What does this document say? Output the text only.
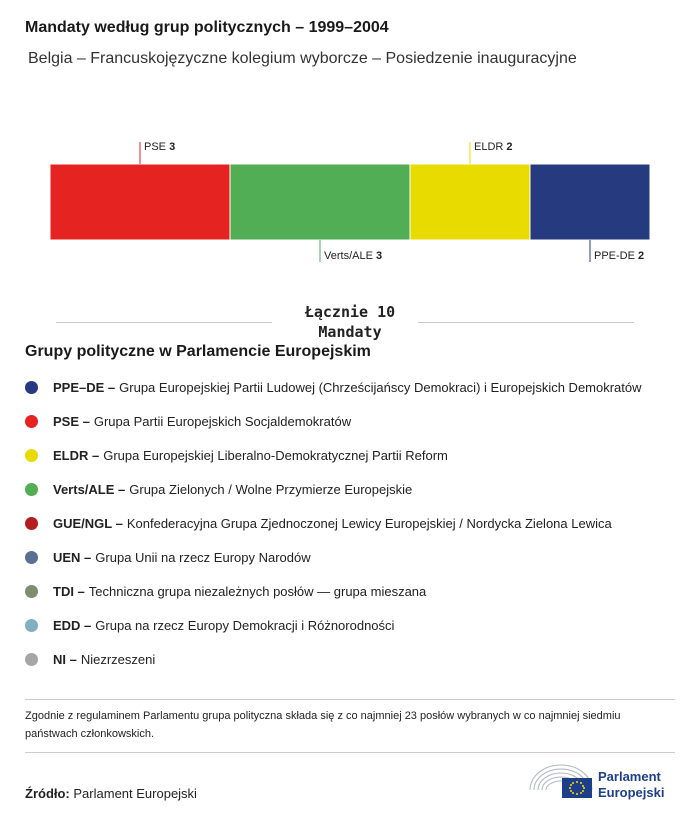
Mandaty według grup politycznych – 1999–2004
Belgia – Francuskojęzyczne kolegium wyborcze – Posiedzenie inauguracyjne
PSE 3
Verts/ALE 3
ELDR 2
PPE-DE 2
Łącznie 10
Mandaty
Grupy polityczne w Parlamencie Europejskim
PPE–DE – Grupa Europejskiej Partii Ludowej (Chrześcijańscy Demokraci) i Europejskich Demokratów
PSE – Grupa Partii Europejskich Socjaldemokratów
ELDR – Grupa Europejskiej Liberalno-Demokratycznej Partii Reform
Verts/ALE – Grupa Zielonych / Wolne Przymierze Europejskie
GUE/NGL – Konfederacyjna Grupa Zjednoczonej Lewicy Europejskiej / Nordycka Zielona Lewica
UEN – Grupa Unii na rzecz Europy Narodów
TDI – Techniczna grupa niezależnych posłów — grupa mieszana
EDD – Grupa na rzecz Europy Demokracji i Różnorodności
NI – Niezrzeszeni
Zgodnie z regulaminem Parlamentu grupa polityczna składa się z co najmniej 23 posłów wybranych w co najmniej siedmiu państwach członkowskich.
Źródło: Parlament Europejski
Parlament
Europejski
